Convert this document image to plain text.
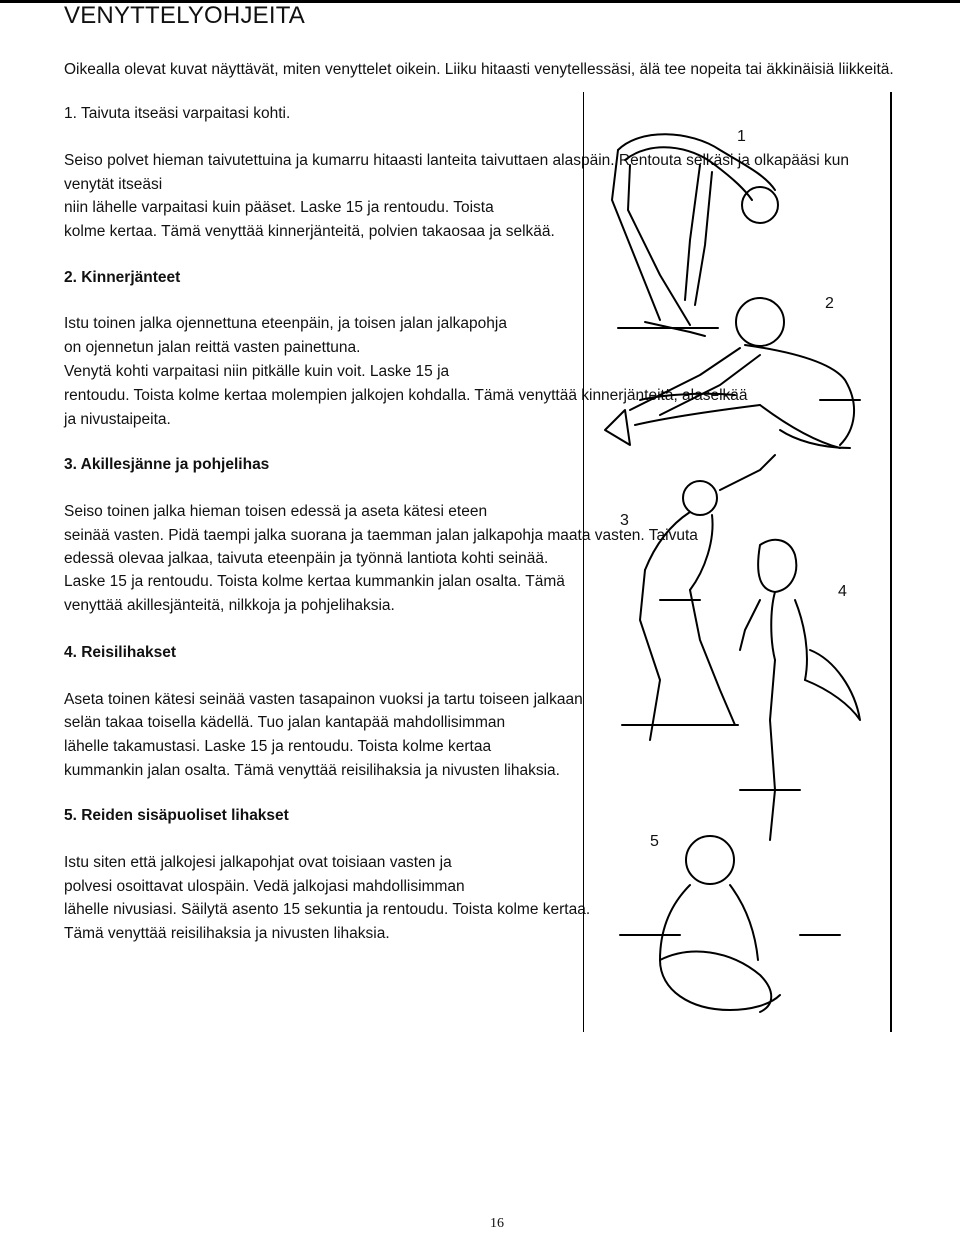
VENYTTELYOHJEITA
Oikealla olevat kuvat näyttävät, miten venyttelet oikein. Liiku hitaasti venytellessäsi, älä tee nopeita tai äkkinäisiä liikkeitä.
1. Taivuta itseäsi varpaitasi kohti.
Seiso polvet hieman taivutettuina ja kumarru hitaasti lanteita taivuttaen alaspäin. Rentouta selkäsi ja olkapääsi kun
venytät itseäsi
niin lähelle varpaitasi kuin pääset. Laske 15 ja rentoudu. Toista
kolme kertaa. Tämä venyttää kinnerjänteitä, polvien takaosaa ja selkää.
2. Kinnerjänteet
Istu toinen jalka ojennettuna eteenpäin, ja toisen jalan jalkapohja
on ojennetun jalan reittä vasten painettuna.
Venytä kohti varpaitasi niin pitkälle kuin voit. Laske 15 ja
rentoudu. Toista kolme kertaa molempien jalkojen kohdalla. Tämä venyttää kinnerjänteitä, alaselkää
ja nivustaipeita.
3. Akillesjänne ja pohjelihas
Seiso toinen jalka hieman toisen edessä ja aseta kätesi eteen
seinää vasten. Pidä taempi jalka suorana ja taemman jalan jalkapohja maata vasten. Taivuta
edessä olevaa jalkaa, taivuta eteenpäin ja työnnä lantiota kohti seinää.
Laske 15 ja rentoudu. Toista kolme kertaa kummankin jalan osalta. Tämä
venyttää akillesjänteitä, nilkkoja ja pohjelihaksia.
4. Reisilihakset
Aseta toinen kätesi seinää vasten tasapainon vuoksi ja tartu toiseen jalkaan
selän takaa toisella kädellä. Tuo jalan kantapää mahdollisimman
lähelle takamustasi. Laske 15 ja rentoudu. Toista kolme kertaa
kummankin jalan osalta. Tämä venyttää reisilihaksia ja nivusten lihaksia.
5. Reiden sisäpuoliset lihakset
Istu siten että jalkojesi jalkapohjat ovat toisiaan vasten ja
polvesi osoittavat ulospäin. Vedä jalkojasi mahdollisimman
lähelle nivusiasi. Säilytä asento 15 sekuntia ja rentoudu. Toista kolme kertaa.
Tämä venyttää reisilihaksia ja nivusten lihaksia.
1
2
3
4
5
16
